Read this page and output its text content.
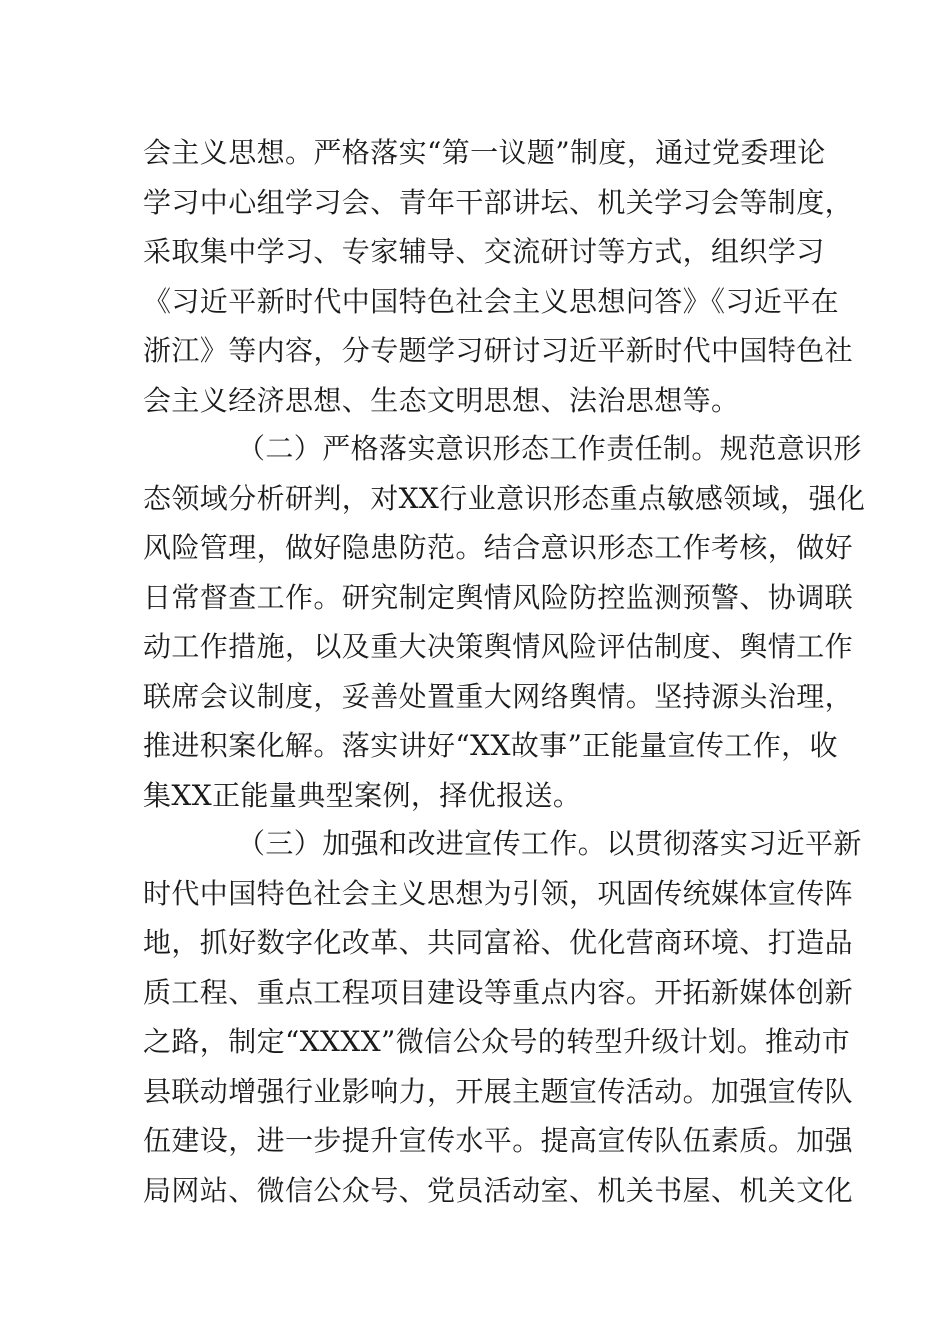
会主义思想。严格落实“第一议题”制度，通过党委理论
学习中心组学习会、青年干部讲坛、机关学习会等制度，
采取集中学习、专家辅导、交流研讨等方式，组织学习
《习近平新时代中国特色社会主义思想问答》《习近平在
浙江》等内容，分专题学习研讨习近平新时代中国特色社
会主义经济思想、生态文明思想、法治思想等。
（二）严格落实意识形态工作责任制。规范意识形
态领域分析研判，对XX行业意识形态重点敏感领域，强化
风险管理，做好隐患防范。结合意识形态工作考核，做好
日常督查工作。研究制定舆情风险防控监测预警、协调联
动工作措施，以及重大决策舆情风险评估制度、舆情工作
联席会议制度，妥善处置重大网络舆情。坚持源头治理，
推进积案化解。落实讲好“XX故事”正能量宣传工作，收
集XX正能量典型案例，择优报送。
（三）加强和改进宣传工作。以贯彻落实习近平新
时代中国特色社会主义思想为引领，巩固传统媒体宣传阵
地，抓好数字化改革、共同富裕、优化营商环境、打造品
质工程、重点工程项目建设等重点内容。开拓新媒体创新
之路，制定“XXXX”微信公众号的转型升级计划。推动市
县联动增强行业影响力，开展主题宣传活动。加强宣传队
伍建设，进一步提升宣传水平。提高宣传队伍素质。加强
局网站、微信公众号、党员活动室、机关书屋、机关文化
